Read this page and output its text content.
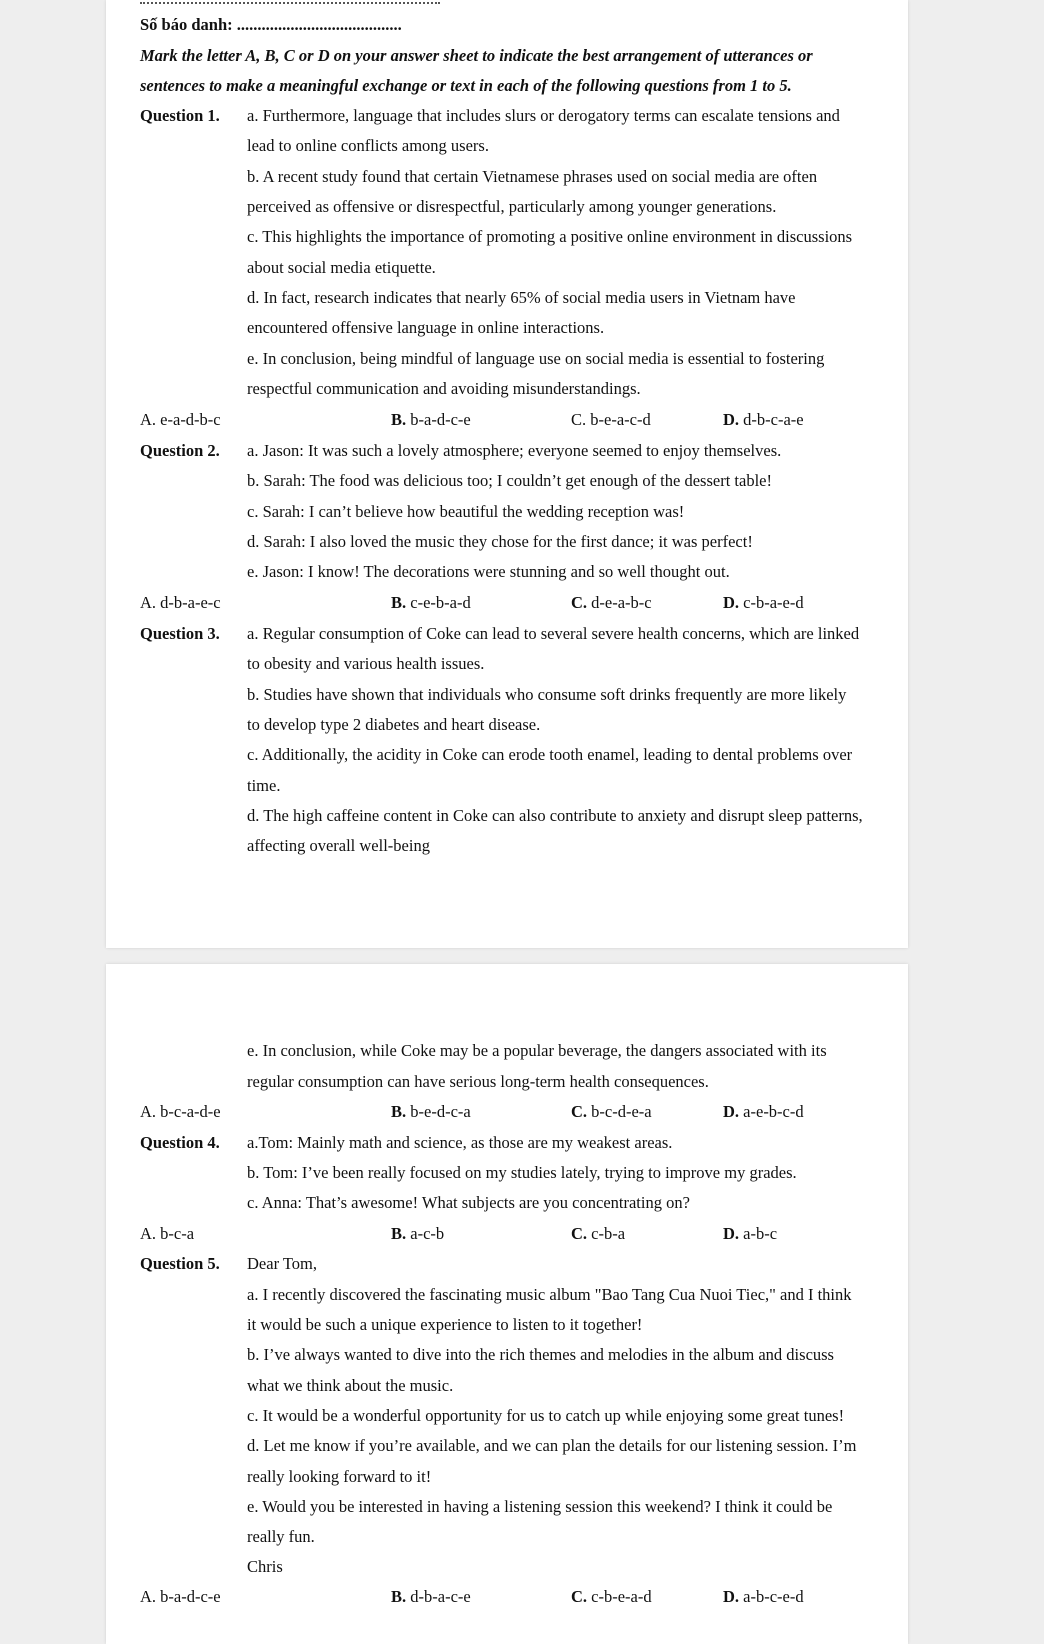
Số báo danh: ........................................
Mark the letter A, B, C or D on your answer sheet to indicate the best arrangement of utterances or
sentences to make a meaningful exchange or text in each of the following questions from 1 to 5.
Question 1. a. Furthermore, language that includes slurs or derogatory terms can escalate tensions and
lead to online conflicts among users.
b. A recent study found that certain Vietnamese phrases used on social media are often
perceived as offensive or disrespectful, particularly among younger generations.
c. This highlights the importance of promoting a positive online environment in discussions
about social media etiquette.
d. In fact, research indicates that nearly 65% of social media users in Vietnam have
encountered offensive language in online interactions.
e. In conclusion, being mindful of language use on social media is essential to fostering
respectful communication and avoiding misunderstandings.
A. e-a-d-b-c	B. b-a-d-c-e	C. b-e-a-c-d	D. d-b-c-a-e
Question 2. a. Jason: It was such a lovely atmosphere; everyone seemed to enjoy themselves.
b. Sarah: The food was delicious too; I couldn’t get enough of the dessert table!
c. Sarah: I can’t believe how beautiful the wedding reception was!
d. Sarah: I also loved the music they chose for the first dance; it was perfect!
e. Jason: I know! The decorations were stunning and so well thought out.
A. d-b-a-e-c	B. c-e-b-a-d	C. d-e-a-b-c	D. c-b-a-e-d
Question 3. a. Regular consumption of Coke can lead to several severe health concerns, which are linked
to obesity and various health issues.
b. Studies have shown that individuals who consume soft drinks frequently are more likely
to develop type 2 diabetes and heart disease.
c. Additionally, the acidity in Coke can erode tooth enamel, leading to dental problems over
time.
d. The high caffeine content in Coke can also contribute to anxiety and disrupt sleep patterns,
affecting overall well-being
e. In conclusion, while Coke may be a popular beverage, the dangers associated with its
regular consumption can have serious long-term health consequences.
A. b-c-a-d-e	B. b-e-d-c-a	C. b-c-d-e-a	D. a-e-b-c-d
Question 4. a.Tom: Mainly math and science, as those are my weakest areas.
b. Tom: I’ve been really focused on my studies lately, trying to improve my grades.
c. Anna: That’s awesome! What subjects are you concentrating on?
A. b-c-a	B. a-c-b	C. c-b-a	D. a-b-c
Question 5. Dear Tom,
a. I recently discovered the fascinating music album "Bao Tang Cua Nuoi Tiec," and I think
it would be such a unique experience to listen to it together!
b. I’ve always wanted to dive into the rich themes and melodies in the album and discuss
what we think about the music.
c. It would be a wonderful opportunity for us to catch up while enjoying some great tunes!
d. Let me know if you’re available, and we can plan the details for our listening session. I’m
really looking forward to it!
e. Would you be interested in having a listening session this weekend? I think it could be
really fun.
Chris
A. b-a-d-c-e	B. d-b-a-c-e	C. c-b-e-a-d	D. a-b-c-e-d
